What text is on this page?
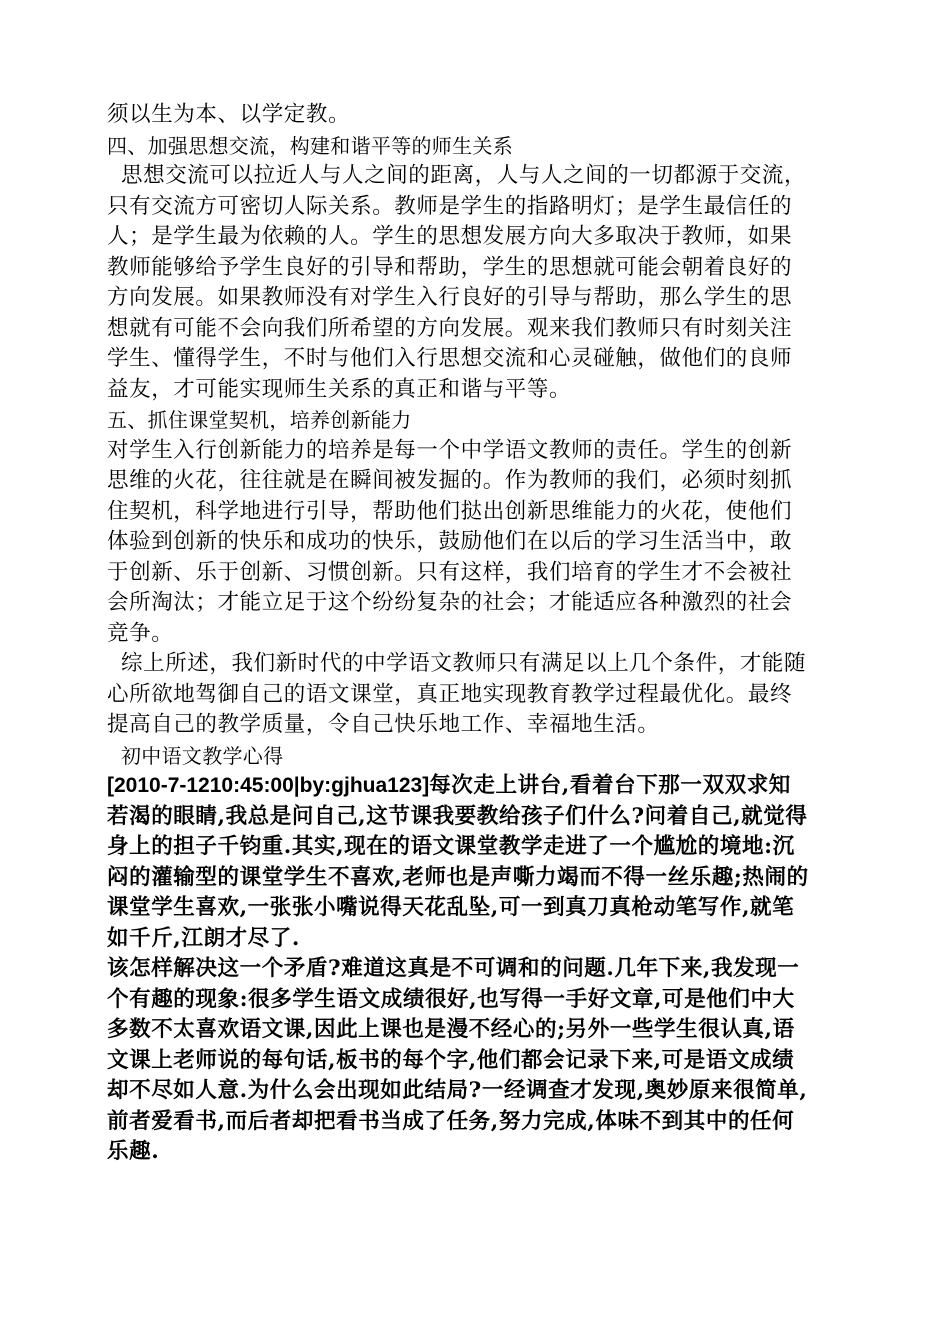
须以生为本、以学定教。
四、加强思想交流，构建和谐平等的师生关系
思想交流可以拉近人与人之间的距离，人与人之间的一切都源于交流，
只有交流方可密切人际关系。教师是学生的指路明灯；是学生最信任的
人；是学生最为依赖的人。学生的思想发展方向大多取决于教师，如果
教师能够给予学生良好的引导和帮助，学生的思想就可能会朝着良好的
方向发展。如果教师没有对学生入行良好的引导与帮助，那么学生的思
想就有可能不会向我们所希望的方向发展。观来我们教师只有时刻关注
学生、懂得学生，不时与他们入行思想交流和心灵碰触，做他们的良师
益友，才可能实现师生关系的真正和谐与平等。
五、抓住课堂契机，培养创新能力
对学生入行创新能力的培养是每一个中学语文教师的责任。学生的创新
思维的火花，往往就是在瞬间被发掘的。作为教师的我们，必须时刻抓
住契机，科学地进行引导，帮助他们挞出创新思维能力的火花，使他们
体验到创新的快乐和成功的快乐，鼓励他们在以后的学习生活当中，敢
于创新、乐于创新、习惯创新。只有这样，我们培育的学生才不会被社
会所淘汰；才能立足于这个纷纷复杂的社会；才能适应各种激烈的社会
竞争。
综上所述，我们新时代的中学语文教师只有满足以上几个条件，才能随
心所欲地驾御自己的语文课堂，真正地实现教育教学过程最优化。最终
提高自己的教学质量，令自己快乐地工作、幸福地生活。
初中语文教学心得
[2010-7-1210:45:00|by:gjhua123]每次走上讲台,看着台下那一双双求知
若渴的眼睛,我总是问自己,这节课我要教给孩子们什么?问着自己,就觉得
身上的担子千钧重.其实,现在的语文课堂教学走进了一个尴尬的境地:沉
闷的灌输型的课堂学生不喜欢,老师也是声嘶力竭而不得一丝乐趣;热闹的
课堂学生喜欢,一张张小嘴说得天花乱坠,可一到真刀真枪动笔写作,就笔
如千斤,江朗才尽了.
该怎样解决这一个矛盾?难道这真是不可调和的问题.几年下来,我发现一
个有趣的现象:很多学生语文成绩很好,也写得一手好文章,可是他们中大
多数不太喜欢语文课,因此上课也是漫不经心的;另外一些学生很认真,语
文课上老师说的每句话,板书的每个字,他们都会记录下来,可是语文成绩
却不尽如人意.为什么会出现如此结局?一经调查才发现,奥妙原来很简单,
前者爱看书,而后者却把看书当成了任务,努力完成,体味不到其中的任何
乐趣.
